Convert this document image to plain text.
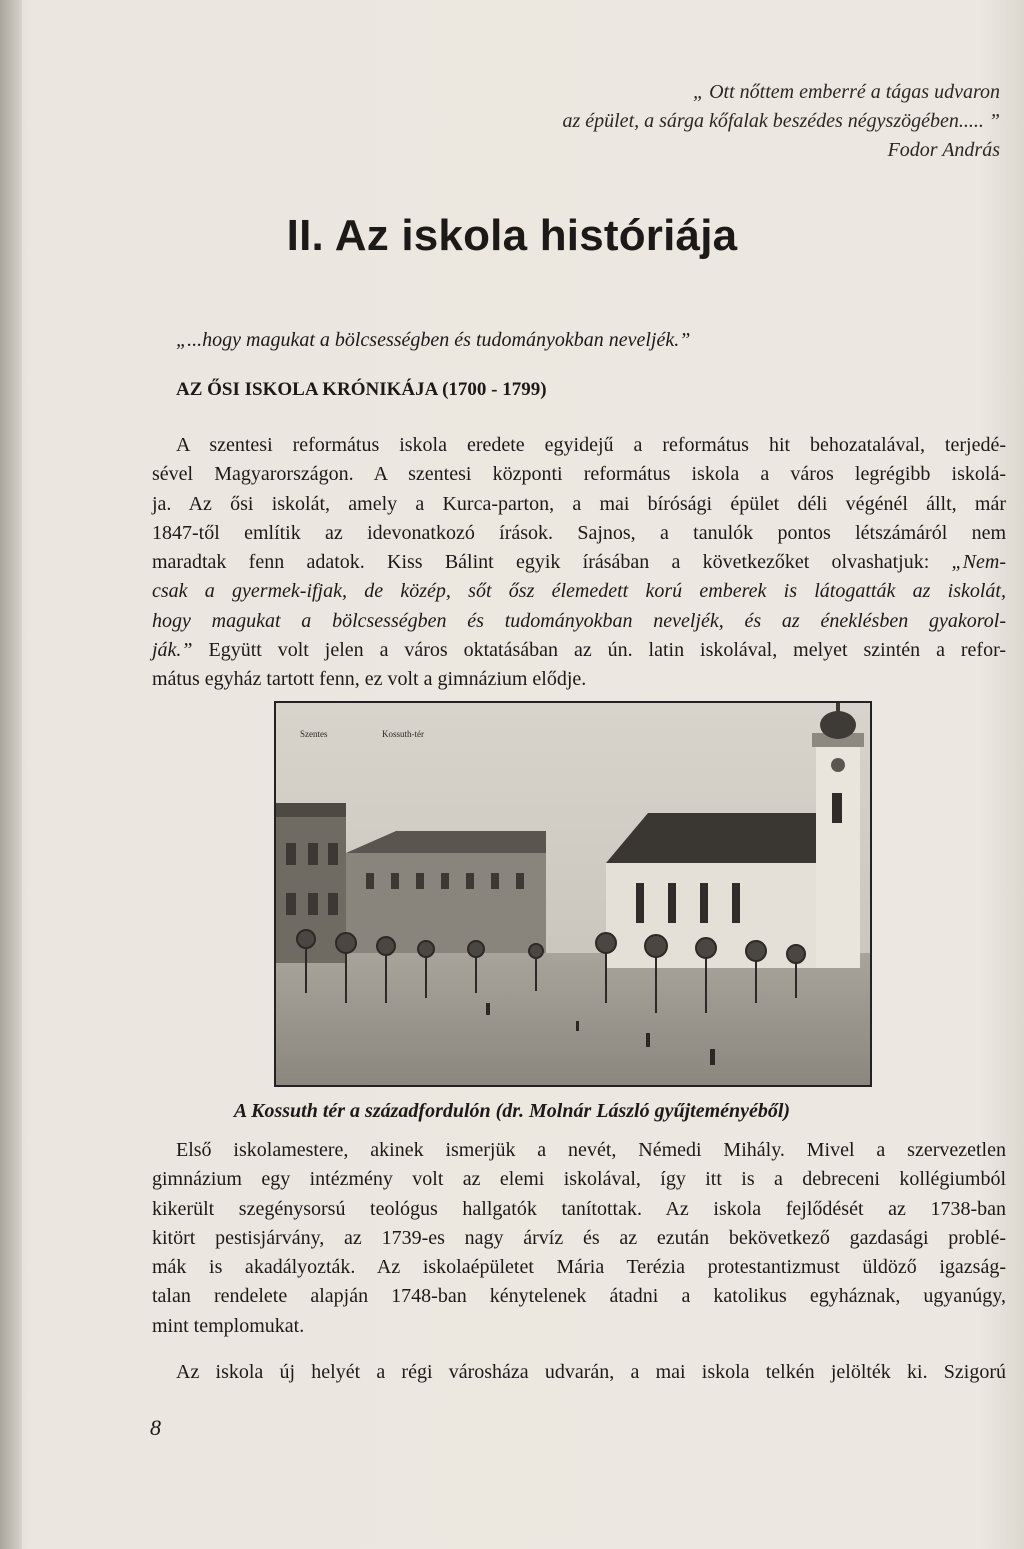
„ Ott nőttem emberré a tágas udvaron
az épület, a sárga kőfalak beszédes négyszögében..... ”
Fodor András
II. Az iskola históriája
„...hogy magukat a bölcsességben és tudományokban neveljék.”
AZ ŐSI ISKOLA KRÓNIKÁJA (1700 - 1799)
A szentesi református iskola eredete egyidejű a református hit behozatalával, terjedé-
sével Magyarországon. A szentesi központi református iskola a város legrégibb iskolá-
ja. Az ősi iskolát, amely a Kurca-parton, a mai bírósági épület déli végénél állt, már
1847-től említik az idevonatkozó írások. Sajnos, a tanulók pontos létszámáról nem
maradtak fenn adatok. Kiss Bálint egyik írásában a következőket olvashatjuk: „Nem-
csak a gyermek-ifjak, de közép, sőt ősz élemedett korú emberek is látogatták az iskolát,
hogy magukat a bölcsességben és tudományokban neveljék, és az éneklésben gyakorol-
ják.” Együtt volt jelen a város oktatásában az ún. latin iskolával, melyet szintén a refor-
mátus egyház tartott fenn, ez volt a gimnázium elődje.
Szentes	Kossuth-tér
A Kossuth tér a századfordulón (dr. Molnár László gyűjteményéből)
Első iskolamestere, akinek ismerjük a nevét, Némedi Mihály. Mivel a szervezetlen
gimnázium egy intézmény volt az elemi iskolával, így itt is a debreceni kollégiumból
kikerült szegénysorsú teológus hallgatók tanítottak. Az iskola fejlődését az 1738-ban
kitört pestisjárvány, az 1739-es nagy árvíz és az ezután bekövetkező gazdasági problé-
mák is akadályozták. Az iskolaépületet Mária Terézia protestantizmust üldöző igazság-
talan rendelete alapján 1748-ban kénytelenek átadni a katolikus egyháznak, ugyanúgy,
mint templomukat.
Az iskola új helyét a régi városháza udvarán, a mai iskola telkén jelölték ki. Szigorú
8
